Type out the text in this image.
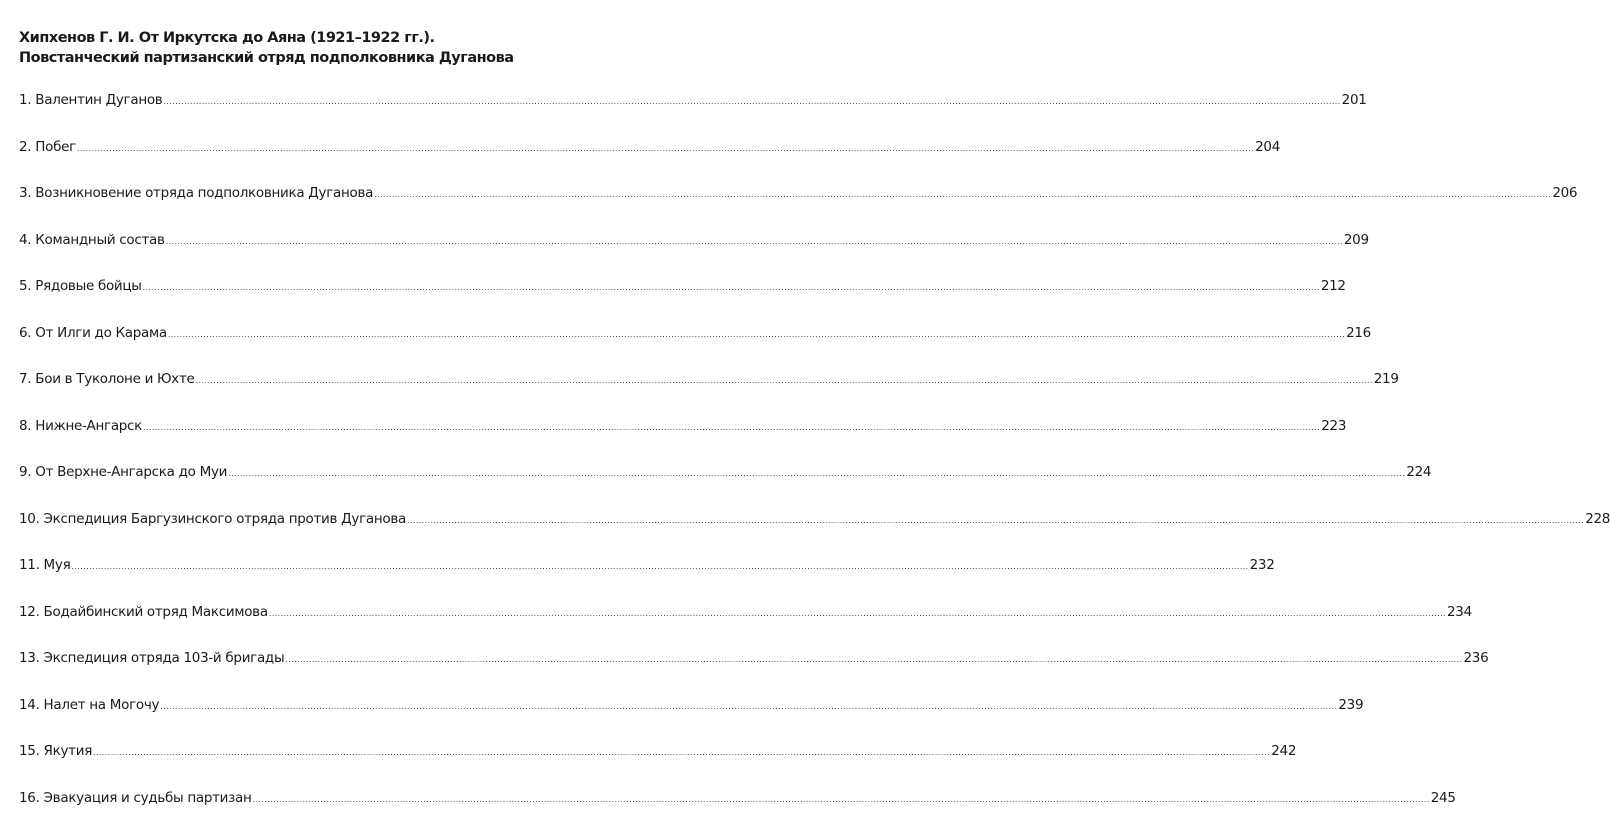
Хипхенов Г. И. От Иркутска до Аяна (1921–1922 гг.).
Повстанческий партизанский отряд подполковника Дуганова
1. Валентин Дуганов ................................................................................................................................................................................................................................................................................................................................................................................................................ 201
2. Побег ................................................................................................................................................................................................................................................................................................................................................................................................................ 204
3. Возникновение отряда подполковника Дуганова ................................................................................................................................................................................................................................................................................................................................................................................................................ 206
4. Командный состав ................................................................................................................................................................................................................................................................................................................................................................................................................ 209
5. Рядовые бойцы ................................................................................................................................................................................................................................................................................................................................................................................................................ 212
6. От Илги до Карама ................................................................................................................................................................................................................................................................................................................................................................................................................ 216
7. Бои в Туколоне и Юхте ................................................................................................................................................................................................................................................................................................................................................................................................................ 219
8. Нижне-Ангарск ................................................................................................................................................................................................................................................................................................................................................................................................................ 223
9. От Верхне-Ангарска до Муи ................................................................................................................................................................................................................................................................................................................................................................................................................ 224
10. Экспедиция Баргузинского отряда против Дуганова ................................................................................................................................................................................................................................................................................................................................................................................................................ 228
11. Муя ................................................................................................................................................................................................................................................................................................................................................................................................................ 232
12. Бодайбинский отряд Максимова ................................................................................................................................................................................................................................................................................................................................................................................................................ 234
13. Экспедиция отряда 103-й бригады ................................................................................................................................................................................................................................................................................................................................................................................................................ 236
14. Налет на Могочу ................................................................................................................................................................................................................................................................................................................................................................................................................ 239
15. Якутия ................................................................................................................................................................................................................................................................................................................................................................................................................ 242
16. Эвакуация и судьбы партизан ................................................................................................................................................................................................................................................................................................................................................................................................................ 245
